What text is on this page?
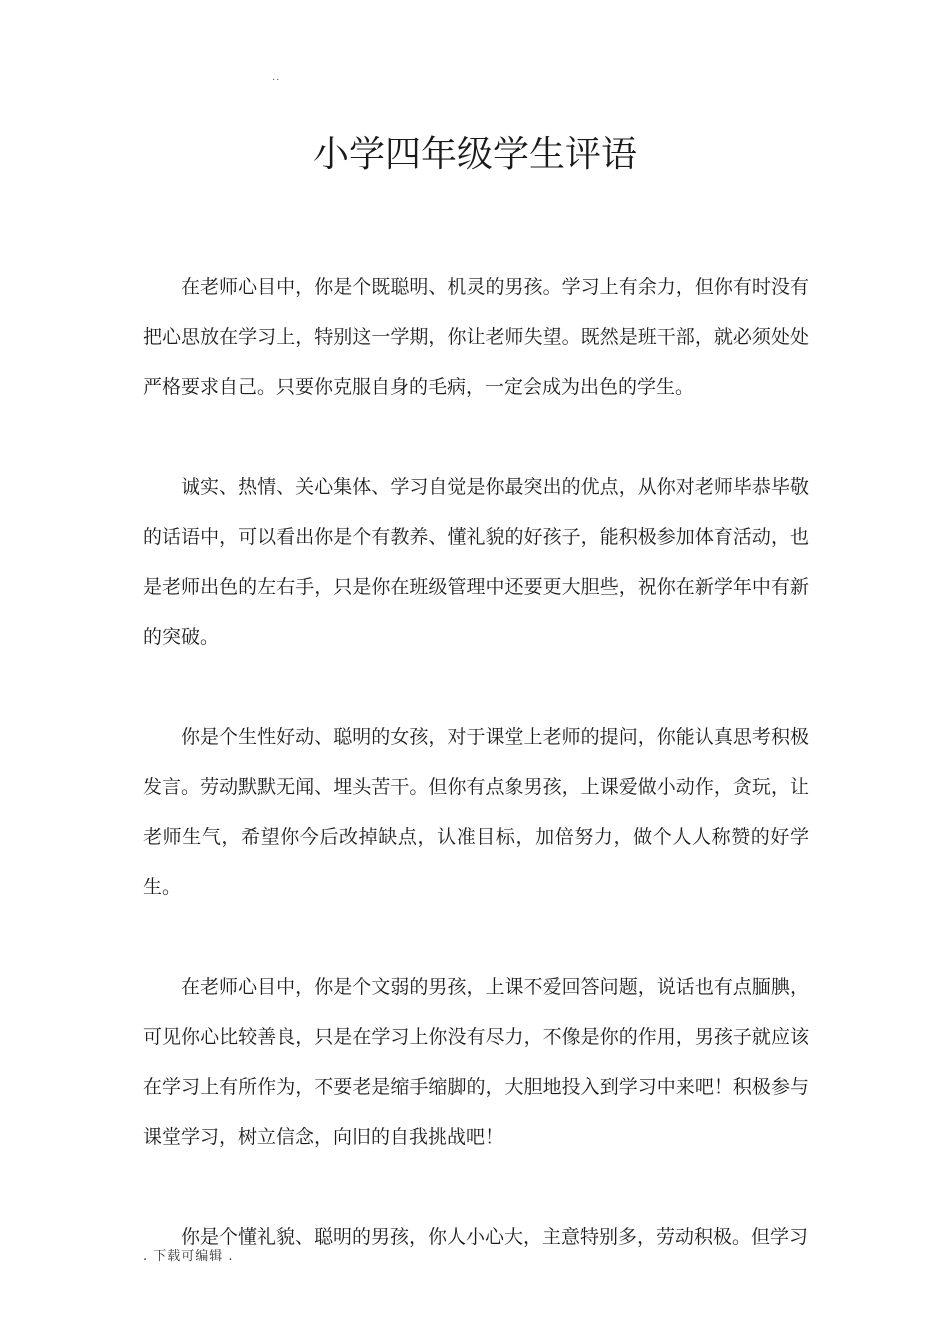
..
小学四年级学生评语

在老师心目中，你是个既聪明、机灵的男孩。学习上有余力，但你有时没有把心思放在学习上，特别这一学期，你让老师失望。既然是班干部，就必须处处严格要求自己。只要你克服自身的毛病，一定会成为出色的学生。

诚实、热情、关心集体、学习自觉是你最突出的优点，从你对老师毕恭毕敬的话语中，可以看出你是个有教养、懂礼貌的好孩子，能积极参加体育活动，也是老师出色的左右手，只是你在班级管理中还要更大胆些，祝你在新学年中有新的突破。

你是个生性好动、聪明的女孩，对于课堂上老师的提问，你能认真思考积极发言。劳动默默无闻、埋头苦干。但你有点象男孩，上课爱做小动作，贪玩，让老师生气，希望你今后改掉缺点，认准目标，加倍努力，做个人人称赞的好学生。

在老师心目中，你是个文弱的男孩，上课不爱回答问题，说话也有点腼腆，可见你心比较善良，只是在学习上你没有尽力，不像是你的作用，男孩子就应该在学习上有所作为，不要老是缩手缩脚的，大胆地投入到学习中来吧！积极参与课堂学习，树立信念，向旧的自我挑战吧！

你是个懂礼貌、聪明的男孩，你人小心大，主意特别多，劳动积极。但学习

. 下载可编辑 .
